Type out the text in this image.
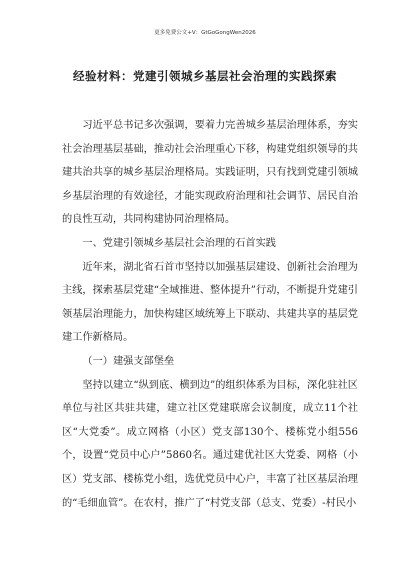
更多免费公文+V：GtGoGongWen2026
经验材料：党建引领城乡基层社会治理的实践探索

习近平总书记多次强调，要着力完善城乡基层治理体系，夯实社会治理基层基础，推动社会治理重心下移，构建党组织领导的共建共治共享的城乡基层治理格局。实践证明，只有找到党建引领城乡基层治理的有效途径，才能实现政府治理和社会调节、居民自治的良性互动，共同构建协同治理格局。

一、党建引领城乡基层社会治理的石首实践

近年来，湖北省石首市坚持以加强基层建设、创新社会治理为主线，探索基层党建“全域推进、整体提升”行动，不断提升党建引领基层治理能力，加快构建区域统筹上下联动、共建共享的基层党建工作新格局。

（一）建强支部堡垒

坚持以建立“纵到底、横到边”的组织体系为目标，深化驻社区单位与社区共驻共建，建立社区党建联席会议制度，成立11个社区“大党委”。成立网格（小区）党支部130个、楼栋党小组556个，设置“党员中心户”5860名。通过建优社区大党委、网格（小区）党支部、楼栋党小组，选优党员中心户，丰富了社区基层治理的“毛细血管”。在农村，推广了“村党支部（总支、党委）-村民小
